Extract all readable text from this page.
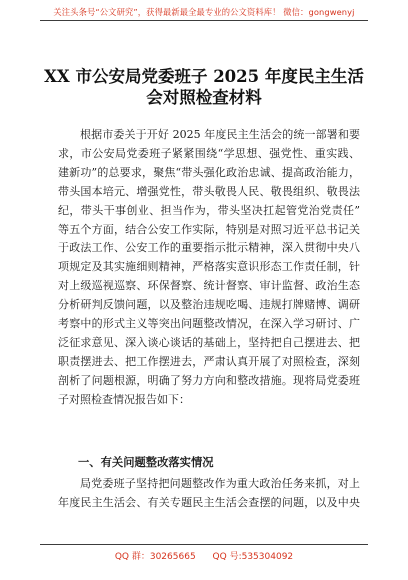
关注头条号“公文研究”，获得最新最全最专业的公文资料库！ 微信：gongwenyj
XX 市公安局党委班子 2025 年度民主生活
会对照检查材料

根据市委关于开好 2025 年度民主生活会的统一部署和要
求，市公安局党委班子紧紧围绕“学思想、强党性、重实践、
建新功”的总要求，聚焦“带头强化政治忠诚、提高政治能力，
带头国本培元、增强党性，带头敬畏人民、敬畏组织、敬畏法
纪，带头干事创业、担当作为，带头坚决扛起管党治党责任”
等五个方面，结合公安工作实际，特别是对照习近平总书记关
于政法工作、公安工作的重要指示批示精神，深入贯彻中央八
项规定及其实施细则精神，严格落实意识形态工作责任制，针
对上级巡视巡察、环保督察、统计督察、审计监督、政治生态
分析研判反馈问题，以及整治违规吃喝、违规打牌赌博、调研
考察中的形式主义等突出问题整改情况，在深入学习研讨、广
泛征求意见、深入谈心谈话的基础上，坚持把自己摆进去、把
职责摆进去、把工作摆进去，严肃认真开展了对照检查，深刻
剖析了问题根源，明确了努力方向和整改措施。现将局党委班
子对照检查情况报告如下：

一、有关问题整改落实情况

局党委班子坚持把问题整改作为重大政治任务来抓，对上
年度民主生活会、有关专题民主生活会查摆的问题，以及中央

QQ 群：30265665 QQ 号:535304092
